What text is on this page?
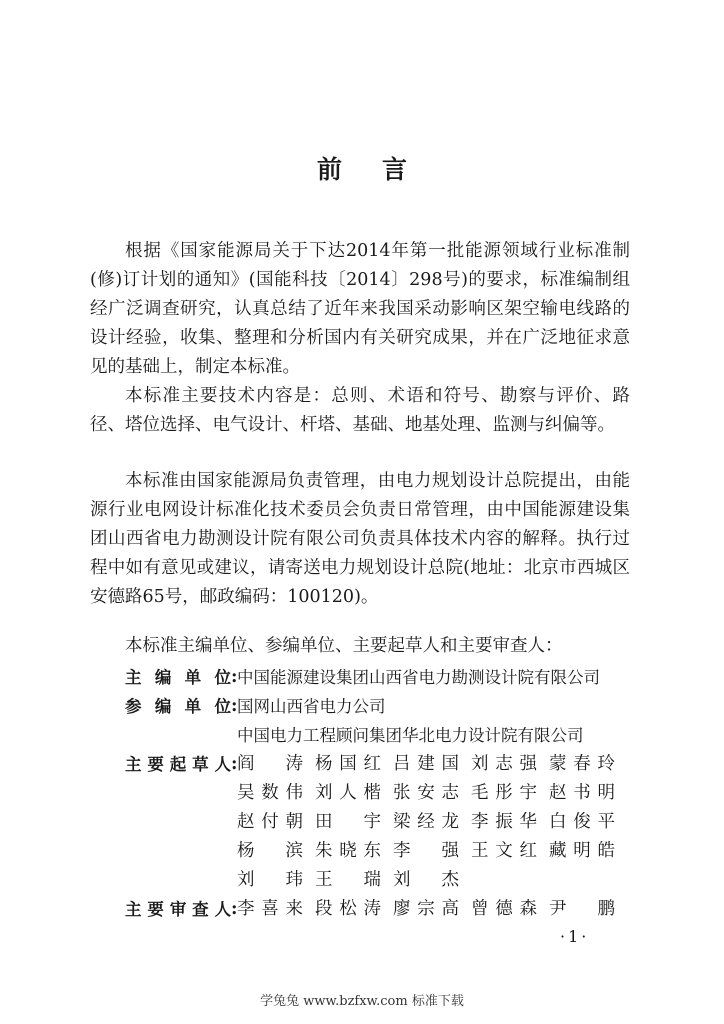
前言

根据《国家能源局关于下达2014年第一批能源领域行业标准制(修)订计划的通知》(国能科技〔2014〕298号)的要求，标准编制组经广泛调查研究，认真总结了近年来我国采动影响区架空输电线路的设计经验，收集、整理和分析国内有关研究成果，并在广泛地征求意见的基础上，制定本标准。

本标准主要技术内容是：总则、术语和符号、勘察与评价、路径、塔位选择、电气设计、杆塔、基础、地基处理、监测与纠偏等。

本标准由国家能源局负责管理，由电力规划设计总院提出，由能源行业电网设计标准化技术委员会负责日常管理，由中国能源建设集团山西省电力勘测设计院有限公司负责具体技术内容的解释。执行过程中如有意见或建议，请寄送电力规划设计总院(地址：北京市西城区安德路65号，邮政编码：100120)。

本标准主编单位、参编单位、主要起草人和主要审查人：

主编单位 : 中国能源建设集团山西省电力勘测设计院有限公司
参编单位 : 国网山西省电力公司
中国电力工程顾问集团华北电力设计院有限公司
主要起草人 : 阎涛 杨国红 吕建国 刘志强 蒙春玲
吴数伟 刘人楷 张安志 毛彤宇 赵书明
赵付朝 田宇 梁经龙 李振华 白俊平
杨滨 朱晓东 李强 王文红 藏明皓
刘玮 王瑞 刘杰
主要审查人 : 李喜来 段松涛 廖宗高 曾德森 尹鹏
·1·
学兔兔 www.bzfxw.com 标准下载
